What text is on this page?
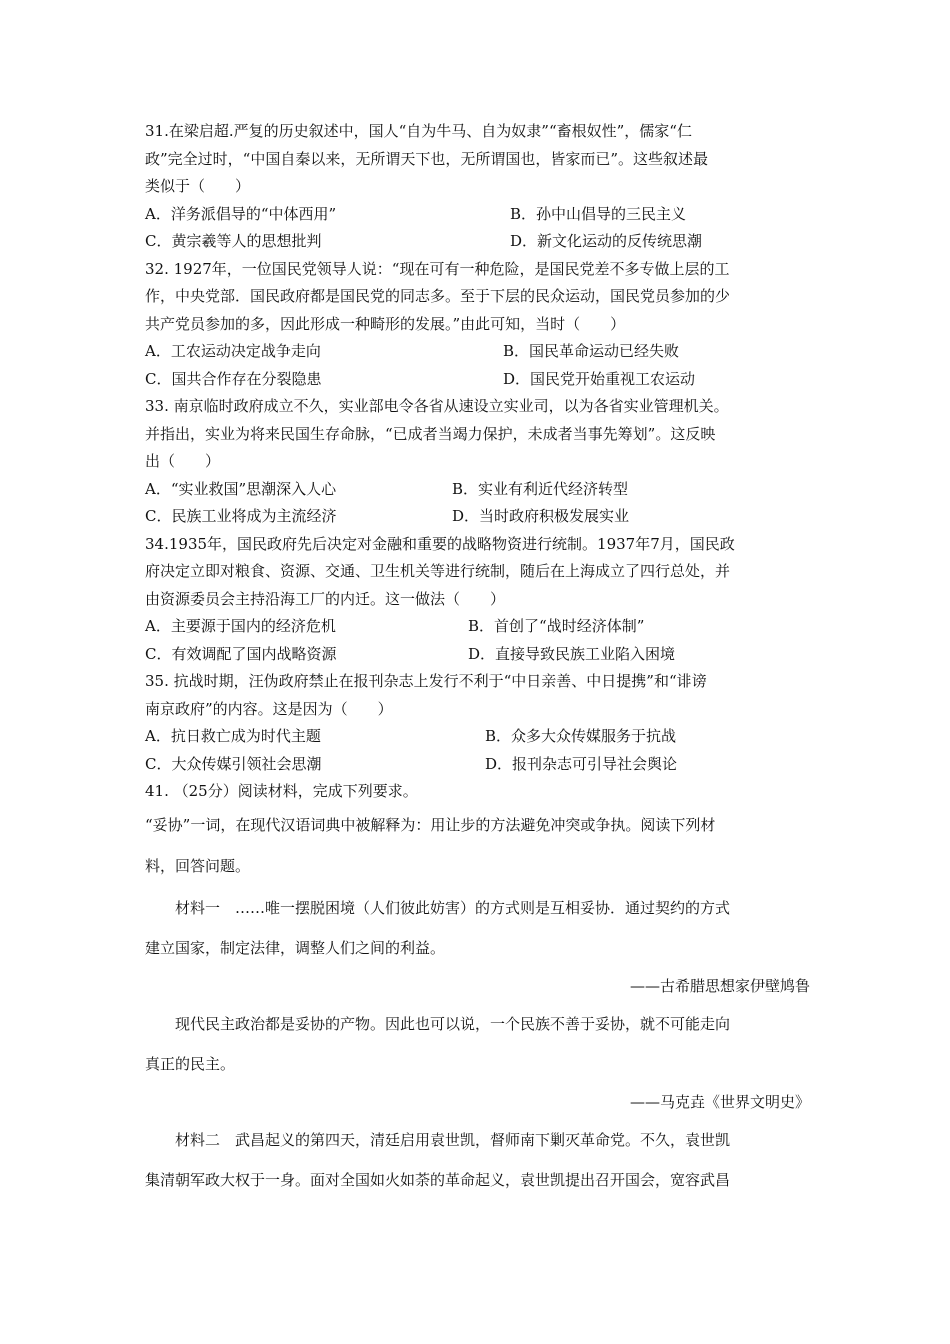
31.在梁启超.严复的历史叙述中，国人“自为牛马、自为奴隶”“畜根奴性”，儒家“仁
政”完全过时，“中国自秦以来，无所谓天下也，无所谓国也，皆家而已”。这些叙述最
类似于（　　）
A．洋务派倡导的“中体西用”	B．孙中山倡导的三民主义
C．黄宗羲等人的思想批判	D．新文化运动的反传统思潮
32. 1927年，一位国民党领导人说：“现在可有一种危险，是国民党差不多专做上层的工
作，中央党部．国民政府都是国民党的同志多。至于下层的民众运动，国民党员参加的少
共产党员参加的多，因此形成一种畸形的发展。”由此可知，当时（　　）
A．工农运动决定战争走向	B．国民革命运动已经失败
C．国共合作存在分裂隐患	D．国民党开始重视工农运动
33. 南京临时政府成立不久，实业部电令各省从速设立实业司，以为各省实业管理机关。
并指出，实业为将来民国生存命脉，“已成者当竭力保护，未成者当事先筹划”。这反映
出（　　）
A．“实业救国”思潮深入人心	B．实业有利近代经济转型
C．民族工业将成为主流经济	D．当时政府积极发展实业
34.1935年，国民政府先后决定对金融和重要的战略物资进行统制。1937年7月，国民政
府决定立即对粮食、资源、交通、卫生机关等进行统制，随后在上海成立了四行总处，并
由资源委员会主持沿海工厂的内迁。这一做法（　　）
A．主要源于国内的经济危机	B．首创了“战时经济体制”
C．有效调配了国内战略资源	D．直接导致民族工业陷入困境
35. 抗战时期，汪伪政府禁止在报刊杂志上发行不利于“中日亲善、中日提携”和“诽谤
南京政府”的内容。这是因为（　　）
A．抗日救亡成为时代主题	B．众多大众传媒服务于抗战
C．大众传媒引领社会思潮	D．报刊杂志可引导社会舆论
41. （25分）阅读材料，完成下列要求。
“妥协”一词，在现代汉语词典中被解释为：用让步的方法避免冲突或争执。阅读下列材
料，回答问题。
材料一　……唯一摆脱困境（人们彼此妨害）的方式则是互相妥协．通过契约的方式
建立国家，制定法律，调整人们之间的利益。
——古希腊思想家伊壁鸠鲁
现代民主政治都是妥协的产物。因此也可以说，一个民族不善于妥协，就不可能走向
真正的民主。
——马克垚《世界文明史》
材料二　武昌起义的第四天，清廷启用袁世凯，督师南下剿灭革命党。不久，袁世凯
集清朝军政大权于一身。面对全国如火如荼的革命起义，袁世凯提出召开国会，宽容武昌
